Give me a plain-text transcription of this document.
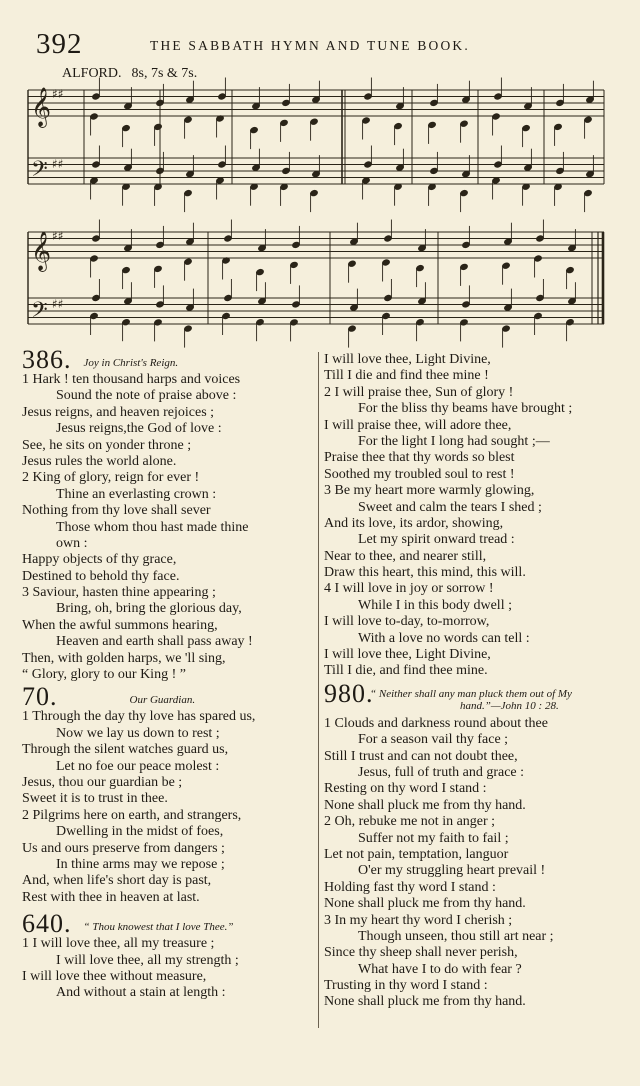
392	THE SABBATH HYMN AND TUNE BOOK.
ALFORD. 8s, 7s & 7s.
𝄞
𝄢
♯♯
♯♯
𝄞
𝄢
♯♯
♯♯
386. Joy in Christ's Reign.
1 Hark ! ten thousand harps and voices
Sound the note of praise above :
Jesus reigns, and heaven rejoices ;
Jesus reigns,the God of love :
See, he sits on yonder throne ;
Jesus rules the world alone.
2 King of glory, reign for ever !
Thine an everlasting crown :
Nothing from thy love shall sever
Those whom thou hast made thine
own :
Happy objects of thy grace,
Destined to behold thy face.
3 Saviour, hasten thine appearing ;
Bring, oh, bring the glorious day,
When the awful summons hearing,
Heaven and earth shall pass away !
Then, with golden harps, we 'll sing,
“ Glory, glory to our King ! ”
70.	Our Guardian.
1 Through the day thy love has spared us,
Now we lay us down to rest ;
Through the silent watches guard us,
Let no foe our peace molest :
Jesus, thou our guardian be ;
Sweet it is to trust in thee.
2 Pilgrims here on earth, and strangers,
Dwelling in the midst of foes,
Us and ours preserve from dangers ;
In thine arms may we repose ;
And, when life's short day is past,
Rest with thee in heaven at last.
640. “ Thou knowest that I love Thee.”
1 I will love thee, all my treasure ;
I will love thee, all my strength ;
I will love thee without measure,
And without a stain at length :
I will love thee, Light Divine,
Till I die and find thee mine !
2 I will praise thee, Sun of glory !
For the bliss thy beams have brought ;
I will praise thee, will adore thee,
For the light I long had sought ;—
Praise thee that thy words so blest
Soothed my troubled soul to rest !
3 Be my heart more warmly glowing,
Sweet and calm the tears I shed ;
And its love, its ardor, showing,
Let my spirit onward tread :
Near to thee, and nearer still,
Draw this heart, this mind, this will.
4 I will love in joy or sorrow !
While I in this body dwell ;
I will love to-day, to-morrow,
With a love no words can tell :
I will love thee, Light Divine,
Till I die, and find thee mine.
980.
“ Neither shall any man pluck them out of My
hand.”—John 10 : 28.
1 Clouds and darkness round about thee
For a season vail thy face ;
Still I trust and can not doubt thee,
Jesus, full of truth and grace :
Resting on thy word I stand :
None shall pluck me from thy hand.
2 Oh, rebuke me not in anger ;
Suffer not my faith to fail ;
Let not pain, temptation, languor
O'er my struggling heart prevail !
Holding fast thy word I stand :
None shall pluck me from thy hand.
3 In my heart thy word I cherish ;
Though unseen, thou still art near ;
Since thy sheep shall never perish,
What have I to do with fear ?
Trusting in thy word I stand :
None shall pluck me from thy hand.
